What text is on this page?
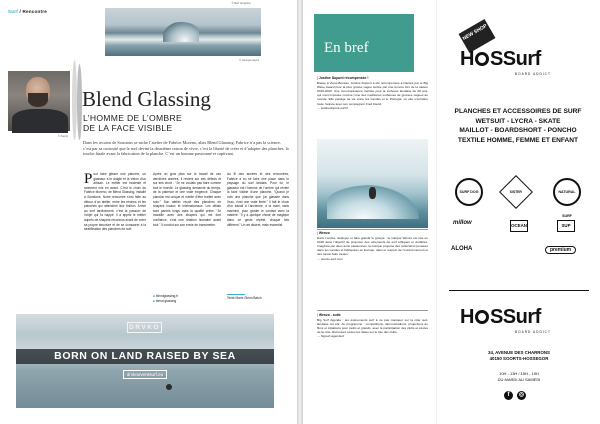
Surf / Rencontre
© Bart Houghton
© Georgia Hayes
© Sandy
Blend Glassing
L’HOMME DE L’OMBRE
DE LA FACE VISIBLE

Dans les recoins de Soustons se niche l’atelier de Fabrice Moreno, alias Blend Glassing. Fabrice n’a pas la science, c’est par sa curiosité que le surf devint la deuxième raison de vivre, c’est la liberté de créer et d’adapter des planches, la touche finale avant la fabrication de la planche. C’est un homme passionné et captivant.

Pour faire glisser une planche, un glasseur a le doigté et la vision d’un artisan. Le métier est modeste et rarement mis en avant. C’est le choix de Fabrice Moreno, de Blend Glassing, installé à Soustons. Notre rencontre s’est faite au détour d’un atelier, entre les résines et les planches qui attendent leur finition. Arrivé au surf tardivement, c’est la passion de l’objet qui l’a happé. Il a appris le métier auprès de shapers reconnus avant de créer sa propre structure et de se consacrer à la stratification des planches de surf.
Après un gros plan sur le travail de ces dernières années, il revient sur ses débuts et sur ses choix : “Je ne voulais pas faire comme tout le monde. Le glassing demande du temps, de la patience et une vraie exigence. Chaque planche est unique et mérite d’être traitée avec soin.” Son atelier reçoit des planches de shapers locaux et internationaux. Les délais sont parfois longs mais la qualité prime. “Je travaille avec des shapers qui me font confiance, c’est une relation humaine avant tout.” Il conclut sur son envie de transmettre.
Au fil des années et des rencontres, Fabrice a su se faire une place dans le paysage du surf landais. Pour lui, le glasseur est l’homme de l’ombre qui révèle la face visible d’une planche. “Quand je vois une planche que j’ai glassée dans l’eau, c’est une vraie fierté.” Il fait le choix d’un travail à l’ancienne, à la main, sans machine, pour garder le contact avec la matière. “Il y a quelque chose de magique dans ce geste répété, chaque fois différent.” Un art discret, mais essentiel.
■ blendglassing.fr
■ blend glassing
Texte Marie Sleon Baloh
DRVKO
BORN ON LAND RAISED BY SEA
drvkoeventsurf.eu
En bref
| Justine Dupont récompensée !
Basée à Vieux-Boucau, Justine Dupont a été récompensée à Nazaré par le Big Wave Award pour la plus grosse vague surfée par une femme lors de la saison 2019-2020. Une reconnaissance méritée pour la surfeuse landaise de 28 ans, qui s’est imposée comme l’une des meilleures surfeuses de grosses vagues au monde. Elle partage sa vie entre les Landes et le Portugal, où elle s’entraîne toute l’année avec son compagnon Fred David.
→ justinedupont-surf.fr
| Wenzo
Dans l’ombre, déployer et faire grandir le groupe : la marque Wenzo est née en 2018 dans l’objectif de proposer des vêtements de surf éthiques et durables. Imaginée par deux amis passionnés, la marque propose des collections pensées dans les Landes et fabriquées en Europe, dans le respect de l’environnement et des savoir-faire locaux.
→ wenzo-surf.com
| Wenzo - suite
Big Surf Agenda : les événements surf à ne pas manquer sur la côte sud-landaise cet été. Au programme : compétitions, démonstrations, projections de films et initiations pour petits et grands, avec la participation des clubs et écoles de la côte. Retrouvez toutes les dates sur le site des clubs.
→ bigsurf-agenda.fr
NEW SHOP
H SSurf
BOARD ADDICT
PLANCHES ET ACCESSOIRES DE SURF
WETSUIT - LYCRA - SKATE
MAILLOT - BOARDSHORT - PONCHO
TEXTILE HOMME, FEMME ET ENFANT
SURF DOG	SISTER	NATURAL SURF
millow	OCEAN	SUP
ALOHA	premium
H SSurf
BOARD ADDICT
34, AVENUE DES CHARRONS
40150 SOORTS-HOSSEGOR
10H - 13H / 15H - 19H
DU MARDI AU SAMEDI
f	◎
